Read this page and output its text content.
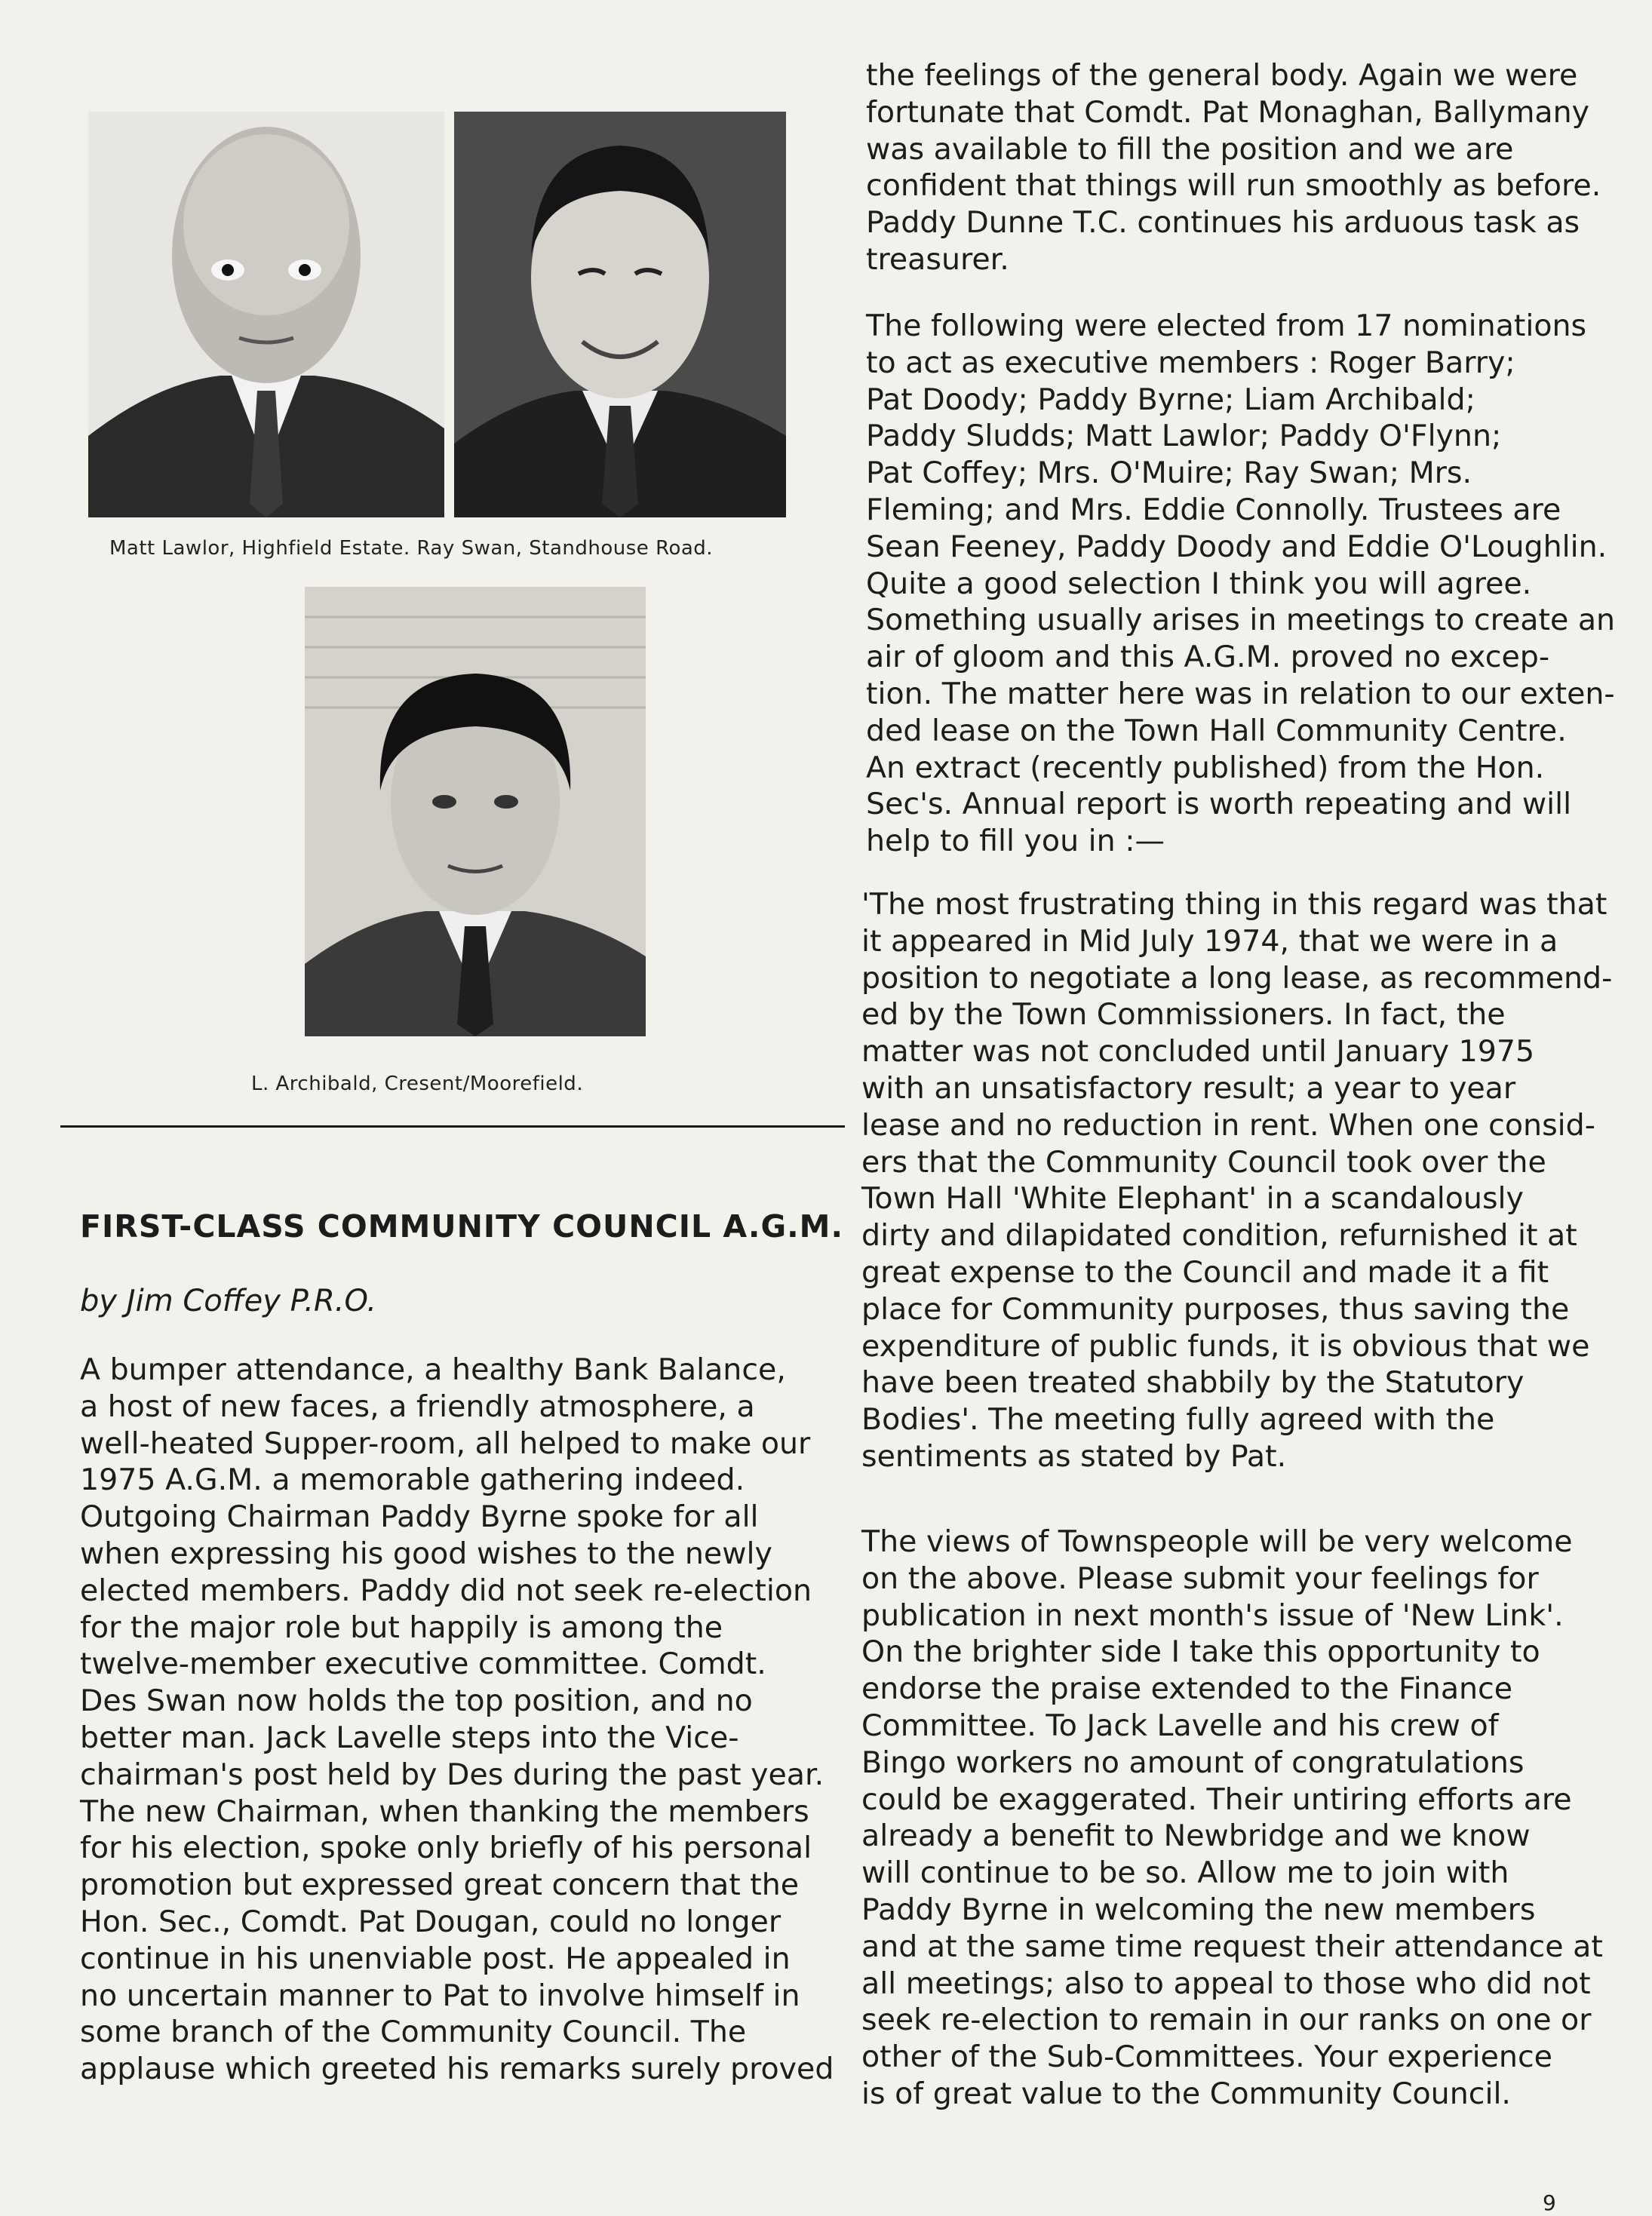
Matt Lawlor, Highfield Estate. Ray Swan, Standhouse Road.
L. Archibald, Cresent/Moorefield.
FIRST-CLASS COMMUNITY COUNCIL A.G.M.
by Jim Coffey P.R.O.
A bumper attendance, a healthy Bank Balance,
a host of new faces, a friendly atmosphere, a
well-heated Supper-room, all helped to make our
1975 A.G.M. a memorable gathering indeed.
Outgoing Chairman Paddy Byrne spoke for all
when expressing his good wishes to the newly
elected members. Paddy did not seek re-election
for the major role but happily is among the
twelve-member executive committee. Comdt.
Des Swan now holds the top position, and no
better man. Jack Lavelle steps into the Vice-
chairman's post held by Des during the past year.
The new Chairman, when thanking the members
for his election, spoke only briefly of his personal
promotion but expressed great concern that the
Hon. Sec., Comdt. Pat Dougan, could no longer
continue in his unenviable post. He appealed in
no uncertain manner to Pat to involve himself in
some branch of the Community Council. The
applause which greeted his remarks surely proved
the feelings of the general body. Again we were
fortunate that Comdt. Pat Monaghan, Ballymany
was available to fill the position and we are
confident that things will run smoothly as before.
Paddy Dunne T.C. continues his arduous task as
treasurer.
The following were elected from 17 nominations
to act as executive members : Roger Barry;
Pat Doody; Paddy Byrne; Liam Archibald;
Paddy Sludds; Matt Lawlor; Paddy O'Flynn;
Pat Coffey; Mrs. O'Muire; Ray Swan; Mrs.
Fleming; and Mrs. Eddie Connolly. Trustees are
Sean Feeney, Paddy Doody and Eddie O'Loughlin.
Quite a good selection I think you will agree.
Something usually arises in meetings to create an
air of gloom and this A.G.M. proved no excep-
tion. The matter here was in relation to our exten-
ded lease on the Town Hall Community Centre.
An extract (recently published) from the Hon.
Sec's. Annual report is worth repeating and will
help to fill you in :—
'The most frustrating thing in this regard was that
it appeared in Mid July 1974, that we were in a
position to negotiate a long lease, as recommend-
ed by the Town Commissioners. In fact, the
matter was not concluded until January 1975
with an unsatisfactory result; a year to year
lease and no reduction in rent. When one consid-
ers that the Community Council took over the
Town Hall 'White Elephant' in a scandalously
dirty and dilapidated condition, refurnished it at
great expense to the Council and made it a fit
place for Community purposes, thus saving the
expenditure of public funds, it is obvious that we
have been treated shabbily by the Statutory
Bodies'. The meeting fully agreed with the
sentiments as stated by Pat.
The views of Townspeople will be very welcome
on the above. Please submit your feelings for
publication in next month's issue of 'New Link'.
On the brighter side I take this opportunity to
endorse the praise extended to the Finance
Committee. To Jack Lavelle and his crew of
Bingo workers no amount of congratulations
could be exaggerated. Their untiring efforts are
already a benefit to Newbridge and we know
will continue to be so. Allow me to join with
Paddy Byrne in welcoming the new members
and at the same time request their attendance at
all meetings; also to appeal to those who did not
seek re-election to remain in our ranks on one or
other of the Sub-Committees. Your experience
is of great value to the Community Council.
9
